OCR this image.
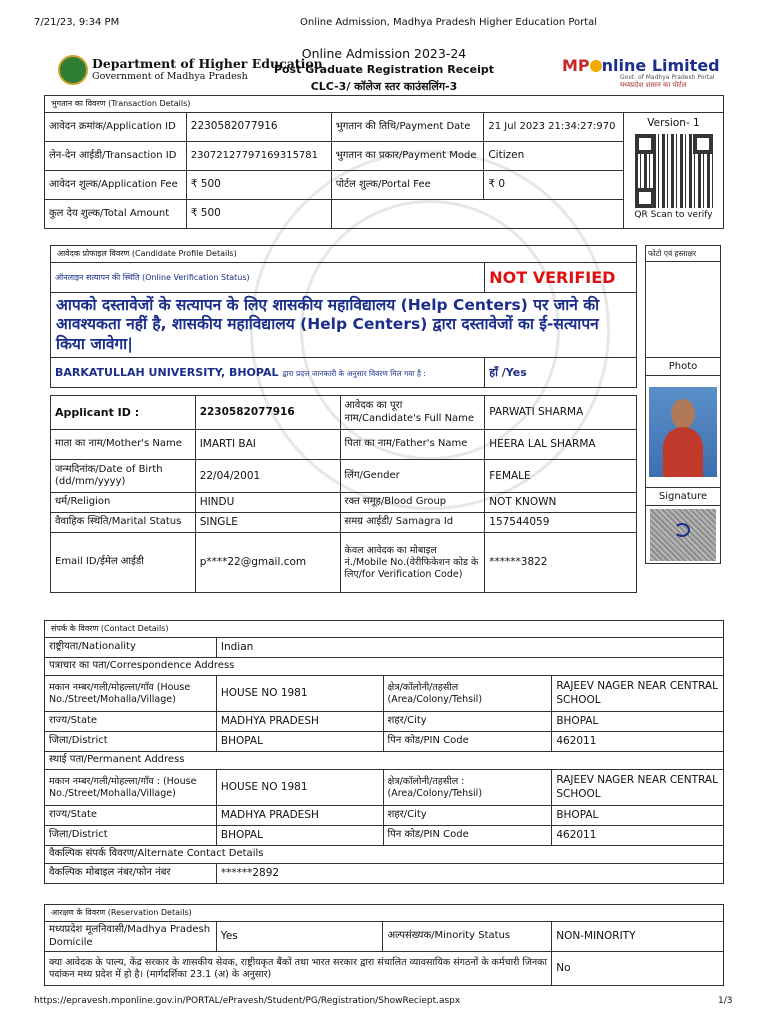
7/21/23, 9:34 PM	Online Admission, Madhya Pradesh Higher Education Portal
Department of Higher Education
Government of Madhya Pradesh
Online Admission 2023-24
Post Graduate Registration Receipt
CLC-3/ कॉलेज स्तर काउंसलिंग-3
MP nline Limited
Govt. of Madhya Pradesh Portal
मध्यप्रदेश शासन का पोर्टल
भुगतान का विवरण (Transaction Details)				
आवेदन क्रमांक/Application ID	2230582077916	भुगतान की तिथि/Payment Date	21 Jul 2023 21:34:27:970	Version- 1
QR Scan to verify

लेन-देन आईडी/Transaction ID	23072127797169315781	भुगतान का प्रकार/Payment Mode	Citizen	
आवेदन शुल्क/Application Fee	₹ 500	पोर्टल शुल्क/Portal Fee	₹ 0	
कुल देय शुल्क/Total Amount	₹ 500			
आवेदक प्रोफाइल विवरण (Candidate Profile Details)			
ऑनलाइन सत्यापन की स्थिति (Online Verification Status)			NOT VERIFIED
आपको दस्तावेजों के सत्यापन के लिए शासकीय महाविद्यालय (Help Centers) पर जाने की आवश्यकता नहीं है, शासकीय महाविद्यालय (Help Centers) द्वारा दस्तावेजों का ई-सत्यापन किया जावेगा|			
BARKATULLAH UNIVERSITY, BHOPAL द्वारा प्रदत्त जानकारी के अनुसार विवरण मिल गया है :			हाँ /Yes

Applicant ID :	2230582077916	आवेदक का पूरा नाम/Candidate's Full Name	PARWATI SHARMA
माता का नाम/Mother's Name	IMARTI BAI	पिता का नाम/Father's Name	HEERA LAL SHARMA
जन्मदिनांक/Date of Birth (dd/mm/yyyy)	22/04/2001	लिंग/Gender	FEMALE
धर्म/Religion	HINDU	रक्त समूह/Blood Group	NOT KNOWN
वैवाहिक स्थिति/Marital Status	SINGLE	समग्र आईडी/ Samagra Id	157544059
Email ID/ईमेल आईडी	p****22@gmail.com	केवल आवेदक का मोबाइल नं./Mobile No.(वेरीफिकेशन कोड के लिए/for Verification Code)	******3822
फोटो एवं हस्ताक्षर

Photo

Signature

संपर्क के विवरण (Contact Details)			
राष्ट्रीयता/Nationality	Indian		
पत्राचार का पता/Correspondence Address			
मकान नम्बर/गली/मोहल्ला/गाँव (House No./Street/Mohalla/Village)	HOUSE NO 1981	क्षेत्र/कॉलोनी/तहसील (Area/Colony/Tehsil)	RAJEEV NAGER NEAR CENTRAL SCHOOL
राज्य/State	MADHYA PRADESH	शहर/City	BHOPAL
जिला/District	BHOPAL	पिन कोड/PIN Code	462011
स्थाई पता/Permanent Address			
मकान नम्बर/गली/मोहल्ला/गाँव : (House No./Street/Mohalla/Village)	HOUSE NO 1981	क्षेत्र/कॉलोनी/तहसील : (Area/Colony/Tehsil)	RAJEEV NAGER NEAR CENTRAL SCHOOL
राज्य/State	MADHYA PRADESH	शहर/City	BHOPAL
जिला/District	BHOPAL	पिन कोड/PIN Code	462011
वैकल्पिक संपर्क विवरण/Alternate Contact Details			
वैकल्पिक मोबाइल नंबर/फोन नंबर	******2892		
आरक्षण के विवरण (Reservation Details)			
मध्यप्रदेश मूलनिवासी/Madhya Pradesh Domicile	Yes	अल्पसंख्यक/Minority Status	NON-MINORITY
क्या आवेदक के पाल्य, केंद्र सरकार के शासकीय सेवक, राष्ट्रीयकृत बैंकों तथा भारत सरकार द्वारा संचालित व्यावसायिक संगठनों के कर्मचारी जिनका पदांकन मध्य प्रदेश में हो है। (मार्गदर्शिका 23.1 (अ) के अनुसार)			No
https://epravesh.mponline.gov.in/PORTAL/ePravesh/Student/PG/Registration/ShowReciept.aspx	1/3
